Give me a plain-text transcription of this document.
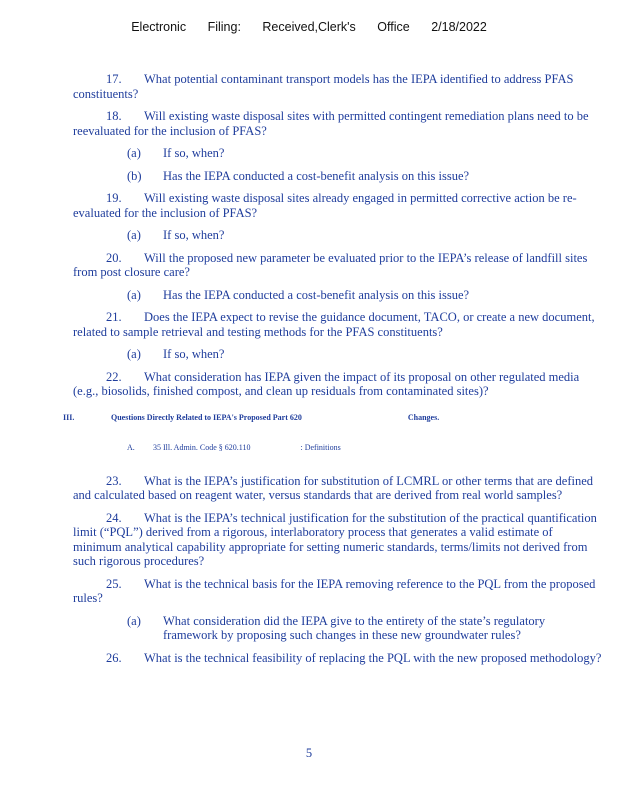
Electronic Filing: Received,Clerk's Office 2/18/2022

17. What potential contaminant transport models has the IEPA identified to address PFAS constituents?

18. Will existing waste disposal sites with permitted contingent remediation plans need to be reevaluated for the inclusion of PFAS?

(a)	If so, when?
(b)	Has the IEPA conducted a cost-benefit analysis on this issue?

19. Will existing waste disposal sites already engaged in permitted corrective action be re-evaluated for the inclusion of PFAS?

(a)	If so, when?

20. Will the proposed new parameter be evaluated prior to the IEPA’s release of landfill sites from post closure care?

(a)	Has the IEPA conducted a cost-benefit analysis on this issue?

21. Does the IEPA expect to revise the guidance document, TACO, or create a new document, related to sample retrieval and testing methods for the PFAS constituents?

(a)	If so, when?

22. What consideration has IEPA given the impact of its proposal on other regulated media (e.g., biosolids, finished compost, and clean up residuals from contaminated sites)?

III.	Questions Directly Related to IEPA's Proposed Part 620	Changes.
A.	35 Ill. Admin. Code § 620.110	: Definitions

23. What is the IEPA’s justification for substitution of LCMRL or other terms that are defined and calculated based on reagent water, versus standards that are derived from real world samples?

24. What is the IEPA’s technical justification for the substitution of the practical quantification limit (“PQL”) derived from a rigorous, interlaboratory process that generates a valid estimate of minimum analytical capability appropriate for setting numeric standards, terms/limits not derived from such rigorous procedures?

25. What is the technical basis for the IEPA removing reference to the PQL from the proposed rules?

(a)	What consideration did the IEPA give to the entirety of the state’s regulatory framework by proposing such changes in these new groundwater rules?

26. What is the technical feasibility of replacing the PQL with the new proposed methodology?

5
